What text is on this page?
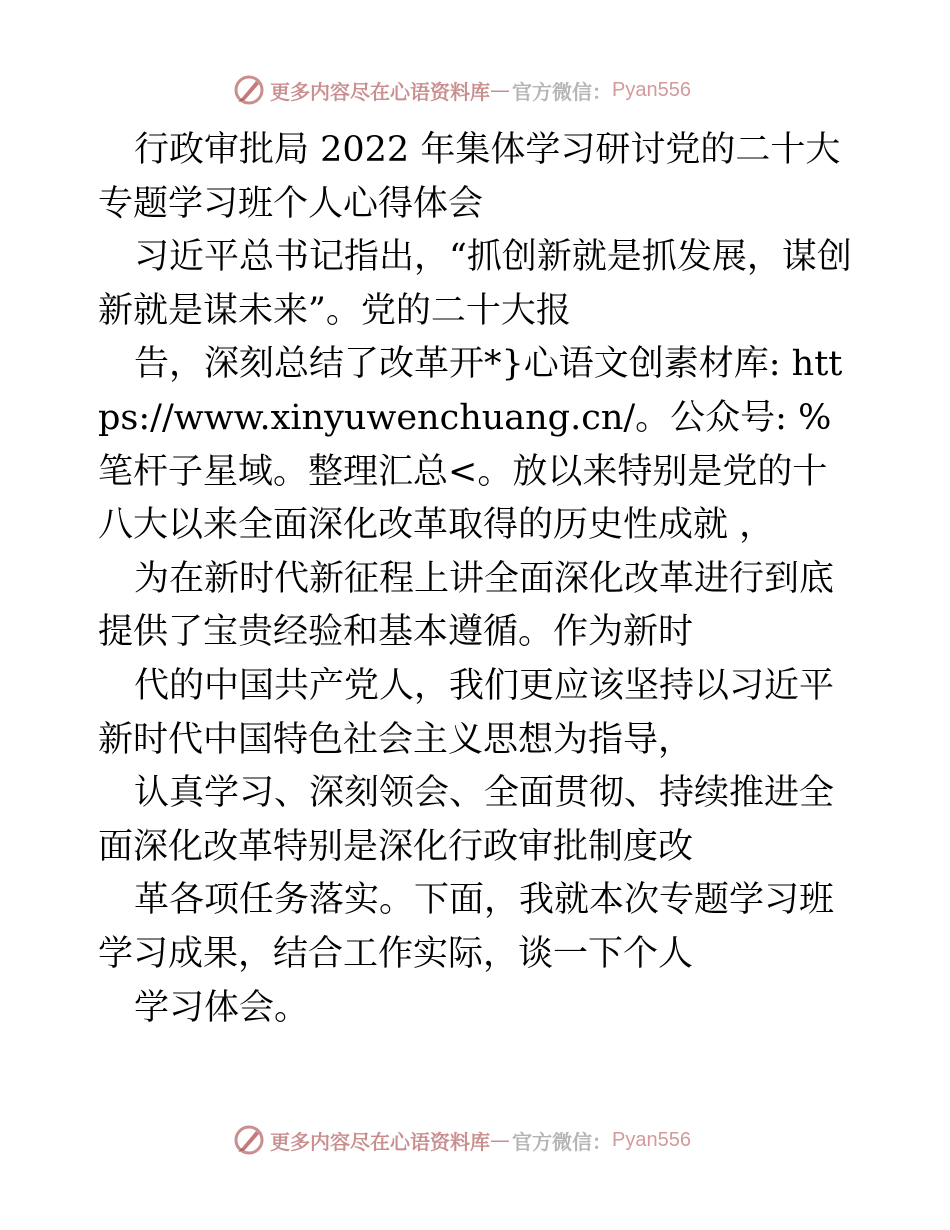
更多内容尽在心语资料库 — 官方微信： Pyan556

行政审批局 2022 年集体学习研讨党的二十大专题学习班个人心得体会

习近平总书记指出，“抓创新就是抓发展，谋创新就是谋未来”。党的二十大报

告，深刻总结了改革开*}心语文创素材库: https://www.xinyuwenchuang.cn/。公众号: %笔杆子星域。整理汇总<。放以来特别是党的十八大以来全面深化改革取得的历史性成就 ，

为在新时代新征程上讲全面深化改革进行到底提供了宝贵经验和基本遵循。作为新时

代的中国共产党人，我们更应该坚持以习近平新时代中国特色社会主义思想为指导，

认真学习、深刻领会、全面贯彻、持续推进全面深化改革特别是深化行政审批制度改

革各项任务落实。下面，我就本次专题学习班学习成果，结合工作实际，谈一下个人

学习体会。

更多内容尽在心语资料库 — 官方微信： Pyan556
